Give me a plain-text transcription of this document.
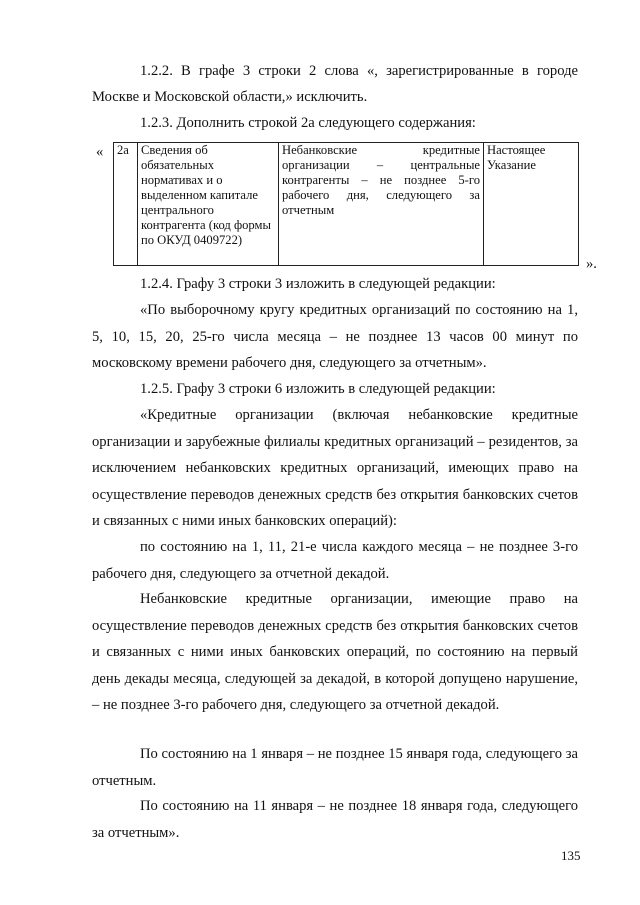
1.2.2. В графе 3 строки 2 слова «, зарегистрированные в городе
Москве и Московской области,» исключить.
1.2.3. Дополнить строкой 2а следующего содержания:
« 2а	Сведения об обязательных нормативах и о выделенном капитале центрального контрагента (код формы по ОКУД 0409722)	Небанковские кредитные организации – центральные контрагенты – не позднее 5-го рабочего дня, следующего за отчетным	Настоящее Указание
».
1.2.4. Графу 3 строки 3 изложить в следующей редакции:

«По выборочному кругу кредитных организаций по состоянию на 1, 5, 10, 15, 20, 25-го числа месяца – не позднее 13 часов 00 минут по московскому времени рабочего дня, следующего за отчетным».

1.2.5. Графу 3 строки 6 изложить в следующей редакции:

«Кредитные организации (включая небанковские кредитные организации и зарубежные филиалы кредитных организаций – резидентов, за исключением небанковских кредитных организаций, имеющих право на осуществление переводов денежных средств без открытия банковских счетов и связанных с ними иных банковских операций):

по состоянию на 1, 11, 21-е числа каждого месяца – не позднее 3-го рабочего дня, следующего за отчетной декадой.

Небанковские кредитные организации, имеющие право на осуществление переводов денежных средств без открытия банковских счетов и связанных с ними иных банковских операций, по состоянию на первый день декады месяца, следующей за декадой, в которой допущено нарушение, – не позднее 3-го рабочего дня, следующего за отчетной декадой.

По состоянию на 1 января – не позднее 15 января года, следующего за отчетным.

По состоянию на 11 января – не позднее 18 января года, следующего за отчетным».

135
